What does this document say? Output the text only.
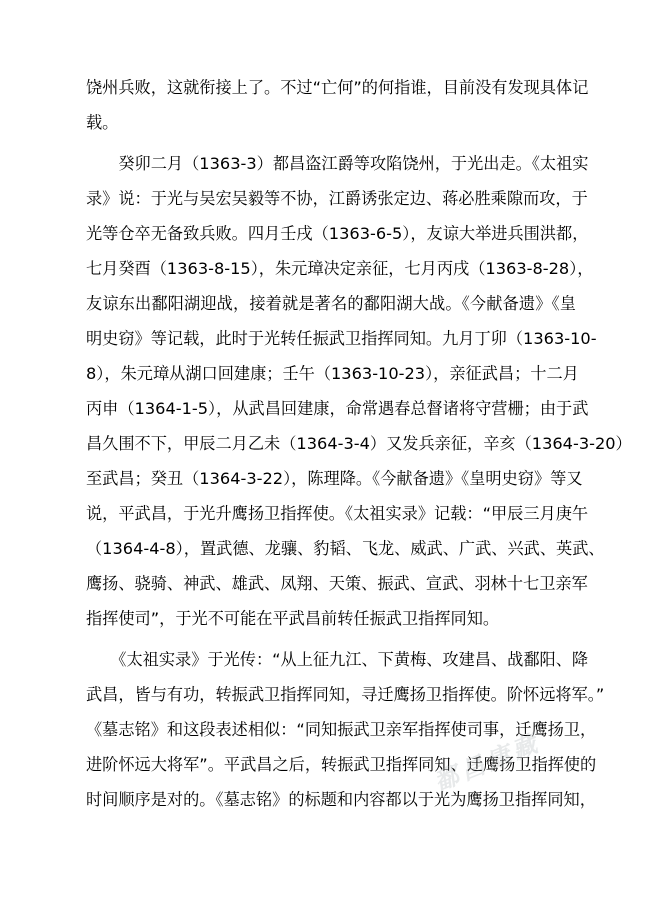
饶州兵败，这就衔接上了。不过“亡何”的何指谁，目前没有发现具体记
载。
　　癸卯二月（1363-3）都昌盗江爵等攻陷饶州，于光出走。《太祖实
录》说：于光与吴宏吴毅等不协，江爵诱张定边、蒋必胜乘隙而攻，于
光等仓卒无备致兵败。四月壬戌（1363-6-5），友谅大举进兵围洪都，
七月癸酉（1363-8-15），朱元璋决定亲征，七月丙戌（1363-8-28），
友谅东出鄱阳湖迎战，接着就是著名的鄱阳湖大战。《今献备遗》《皇
明史窃》等记载，此时于光转任振武卫指挥同知。九月丁卯（1363-10-
8），朱元璋从湖口回建康；壬午（1363-10-23），亲征武昌；十二月
丙申（1364-1-5），从武昌回建康，命常遇春总督诸将守营栅；由于武
昌久围不下，甲辰二月乙未（1364-3-4）又发兵亲征，辛亥（1364-3-20）
至武昌；癸丑（1364-3-22），陈理降。《今献备遗》《皇明史窃》等又
说，平武昌，于光升鹰扬卫指挥使。《太祖实录》记载：“甲辰三月庚午
（1364-4-8），置武德、龙骧、豹韬、飞龙、威武、广武、兴武、英武、
鹰扬、骁骑、神武、雄武、凤翔、天策、振武、宣武、羽林十七卫亲军
指挥使司”，于光不可能在平武昌前转任振武卫指挥同知。
　　《太祖实录》于光传：“从上征九江、下黄梅、攻建昌、战鄱阳、降
武昌，皆与有功，转振武卫指挥同知，寻迁鹰扬卫指挥使。阶怀远将军。”
《墓志铭》和这段表述相似：“同知振武卫亲军指挥使司事，迁鹰扬卫，
进阶怀远大将军”。平武昌之后，转振武卫指挥同知、迁鹰扬卫指挥使的
时间顺序是对的。《墓志铭》的标题和内容都以于光为鹰扬卫指挥同知，
鄱昌康藏
